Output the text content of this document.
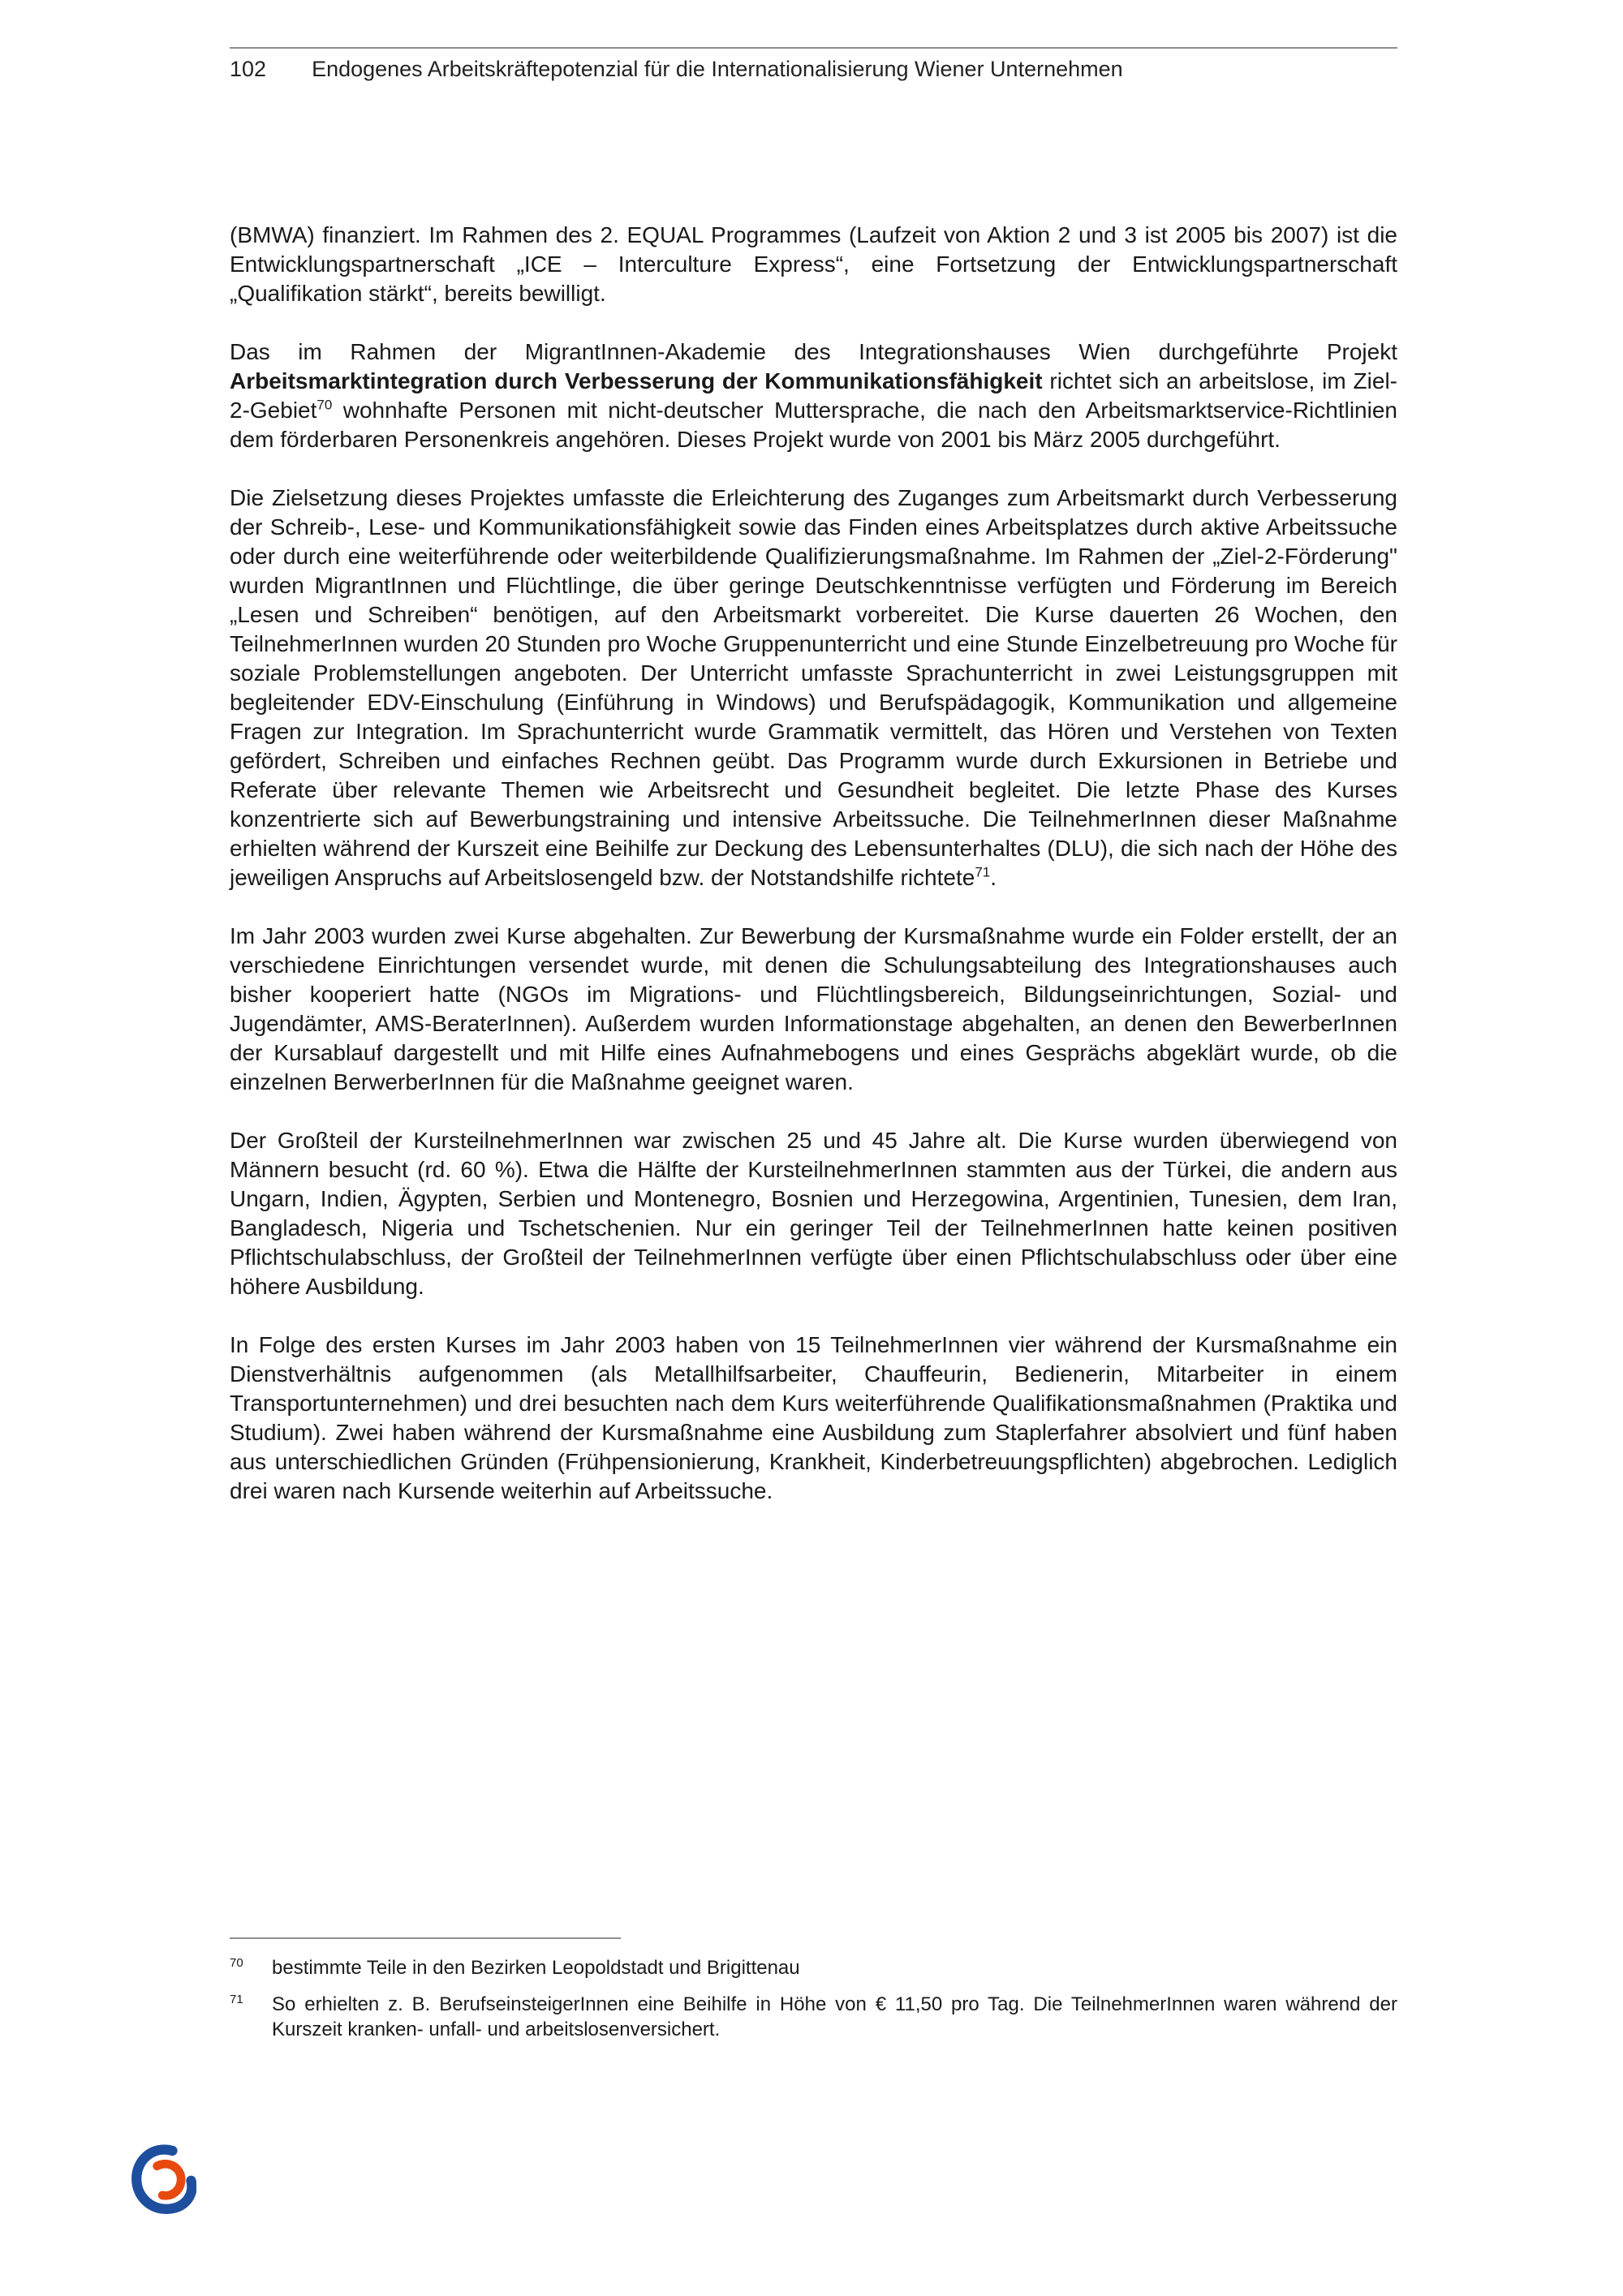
102 Endogenes Arbeitskräftepotenzial für die Internationalisierung Wiener Unternehmen

(BMWA) finanziert. Im Rahmen des 2. EQUAL Programmes (Laufzeit von Aktion 2 und 3 ist 2005 bis 2007) ist die Entwicklungspartnerschaft „ICE – Interculture Express“, eine Fortsetzung der Entwicklungspartnerschaft „Qualifikation stärkt“, bereits bewilligt.

Das im Rahmen der MigrantInnen-Akademie des Integrationshauses Wien durchgeführte Projekt Arbeitsmarktintegration durch Verbesserung der Kommunikationsfähigkeit richtet sich an arbeitslose, im Ziel-2-Gebiet$^{70}$ wohnhafte Personen mit nicht-deutscher Muttersprache, die nach den Arbeitsmarktservice-Richtlinien dem förderbaren Personenkreis angehören. Dieses Projekt wurde von 2001 bis März 2005 durchgeführt.

Die Zielsetzung dieses Projektes umfasste die Erleichterung des Zuganges zum Arbeitsmarkt durch Verbesserung der Schreib-, Lese- und Kommunikationsfähigkeit sowie das Finden eines Arbeitsplatzes durch aktive Arbeitssuche oder durch eine weiterführende oder weiterbildende Qualifizierungsmaßnahme. Im Rahmen der „Ziel-2-Förderung" wurden MigrantInnen und Flüchtlinge, die über geringe Deutschkenntnisse verfügten und Förderung im Bereich „Lesen und Schreiben“ benötigen, auf den Arbeitsmarkt vorbereitet. Die Kurse dauerten 26 Wochen, den TeilnehmerInnen wurden 20 Stunden pro Woche Gruppenunterricht und eine Stunde Einzelbetreuung pro Woche für soziale Problemstellungen angeboten. Der Unterricht umfasste Sprachunterricht in zwei Leistungsgruppen mit begleitender EDV-Einschulung (Einführung in Windows) und Berufspädagogik, Kommunikation und allgemeine Fragen zur Integration. Im Sprachunterricht wurde Grammatik vermittelt, das Hören und Verstehen von Texten gefördert, Schreiben und einfaches Rechnen geübt. Das Programm wurde durch Exkursionen in Betriebe und Referate über relevante Themen wie Arbeitsrecht und Gesundheit begleitet. Die letzte Phase des Kurses konzentrierte sich auf Bewerbungstraining und intensive Arbeitssuche. Die TeilnehmerInnen dieser Maßnahme erhielten während der Kurszeit eine Beihilfe zur Deckung des Lebensunterhaltes (DLU), die sich nach der Höhe des jeweiligen Anspruchs auf Arbeitslosengeld bzw. der Notstandshilfe richtete$^{71}$.

Im Jahr 2003 wurden zwei Kurse abgehalten. Zur Bewerbung der Kursmaßnahme wurde ein Folder erstellt, der an verschiedene Einrichtungen versendet wurde, mit denen die Schulungsabteilung des Integrationshauses auch bisher kooperiert hatte (NGOs im Migrations- und Flüchtlingsbereich, Bildungseinrichtungen, Sozial- und Jugendämter, AMS-BeraterInnen). Außerdem wurden Informationstage abgehalten, an denen den BewerberInnen der Kursablauf dargestellt und mit Hilfe eines Aufnahmebogens und eines Gesprächs abgeklärt wurde, ob die einzelnen BerwerberInnen für die Maßnahme geeignet waren.

Der Großteil der KursteilnehmerInnen war zwischen 25 und 45 Jahre alt. Die Kurse wurden überwiegend von Männern besucht (rd. 60 %). Etwa die Hälfte der KursteilnehmerInnen stammten aus der Türkei, die andern aus Ungarn, Indien, Ägypten, Serbien und Montenegro, Bosnien und Herzegowina, Argentinien, Tunesien, dem Iran, Bangladesch, Nigeria und Tschetschenien. Nur ein geringer Teil der TeilnehmerInnen hatte keinen positiven Pflichtschulabschluss, der Großteil der TeilnehmerInnen verfügte über einen Pflichtschulabschluss oder über eine höhere Ausbildung.

In Folge des ersten Kurses im Jahr 2003 haben von 15 TeilnehmerInnen vier während der Kursmaßnahme ein Dienstverhältnis aufgenommen (als Metallhilfsarbeiter, Chauffeurin, Bedienerin, Mitarbeiter in einem Transportunternehmen) und drei besuchten nach dem Kurs weiterführende Qualifikationsmaßnahmen (Praktika und Studium). Zwei haben während der Kursmaßnahme eine Ausbildung zum Staplerfahrer absolviert und fünf haben aus unterschiedlichen Gründen (Frühpensionierung, Krankheit, Kinderbetreuungspflichten) abgebrochen. Lediglich drei waren nach Kursende weiterhin auf Arbeitssuche.

$^{70}$	bestimmte Teile in den Bezirken Leopoldstadt und Brigittenau
$^{71}$	So erhielten z. B. BerufseinsteigerInnen eine Beihilfe in Höhe von € 11,50 pro Tag. Die TeilnehmerInnen waren während der Kurszeit kranken- unfall- und arbeitslosenversichert.
